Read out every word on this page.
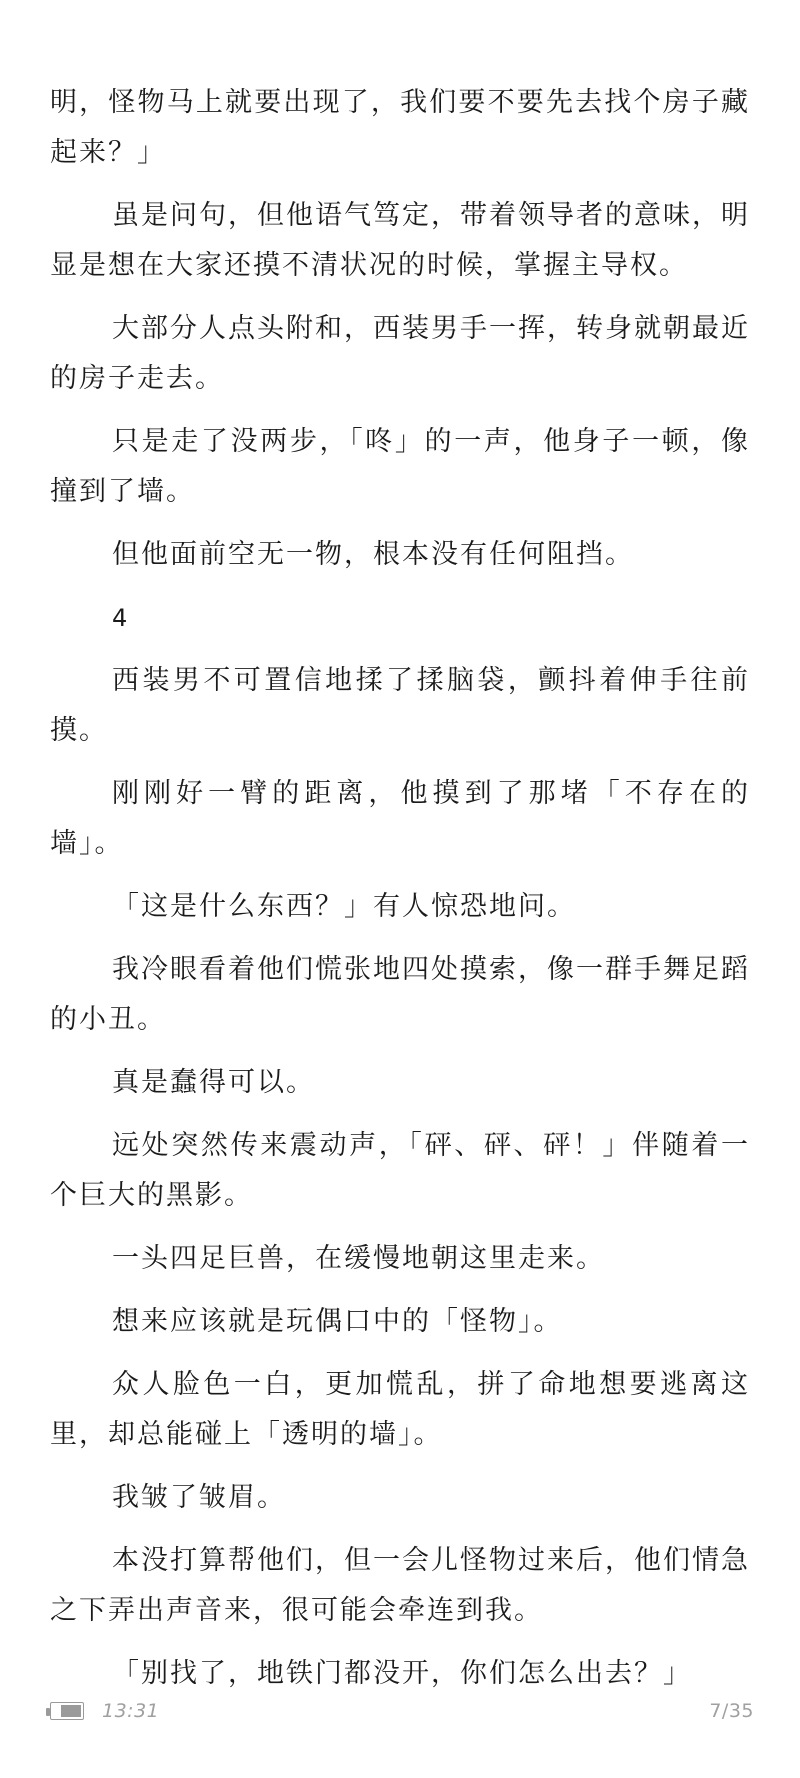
明，怪物马上就要出现了，我们要不要先去找个房子藏起来？」

虽是问句，但他语气笃定，带着领导者的意味，明显是想在大家还摸不清状况的时候，掌握主导权。

大部分人点头附和，西装男手一挥，转身就朝最近的房子走去。

只是走了没两步，「咚」的一声，他身子一顿，像撞到了墙。

但他面前空无一物，根本没有任何阻挡。

4

西装男不可置信地揉了揉脑袋，颤抖着伸手往前摸。

刚刚好一臂的距离，他摸到了那堵「不存在的墙」。

「这是什么东西？」有人惊恐地问。

我冷眼看着他们慌张地四处摸索，像一群手舞足蹈的小丑。

真是蠢得可以。

远处突然传来震动声，「砰、砰、砰！」伴随着一个巨大的黑影。

一头四足巨兽，在缓慢地朝这里走来。

想来应该就是玩偶口中的「怪物」。

众人脸色一白，更加慌乱，拼了命地想要逃离这里，却总能碰上「透明的墙」。

我皱了皱眉。

本没打算帮他们，但一会儿怪物过来后，他们情急之下弄出声音来，很可能会牵连到我。

「别找了，地铁门都没开，你们怎么出去？」

13:31	7/35
